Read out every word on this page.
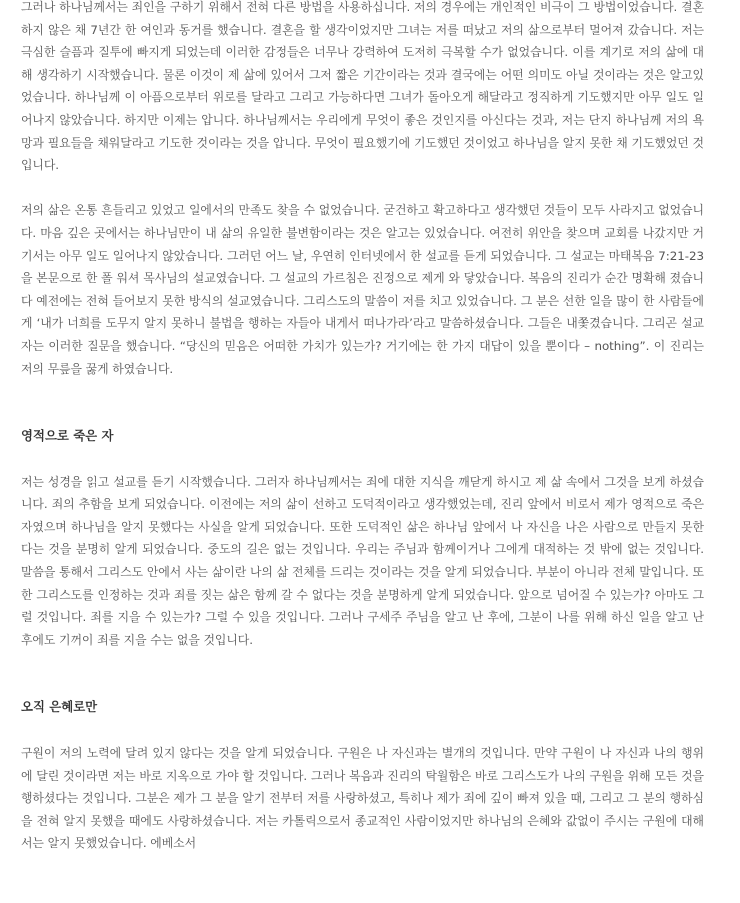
그러나 하나님께서는 죄인을 구하기 위해서 전혀 다른 방법을 사용하십니다. 저의 경우에는 개인적인 비극이 그 방법이었습니다. 결혼하지 않은 채 7년간 한 여인과 동거를 했습니다. 결혼을 할 생각이었지만 그녀는 저를 떠났고 저의 삶으로부터 멀어져 갔습니다. 저는 극심한 슬픔과 질투에 빠지게 되었는데 이러한 감정들은 너무나 강력하여 도저히 극복할 수가 없었습니다. 이를 계기로 저의 삶에 대해 생각하기 시작했습니다. 물론 이것이 제 삶에 있어서 그저 짧은 기간이라는 것과 결국에는 어떤 의미도 아닐 것이라는 것은 알고있었습니다. 하나님께 이 아픔으로부터 위로를 달라고 그리고 가능하다면 그녀가 돌아오게 해달라고 정직하게 기도했지만 아무 일도 일어나지 않았습니다. 하지만 이제는 압니다. 하나님께서는 우리에게 무엇이 좋은 것인지를 아신다는 것과, 저는 단지 하나님께 저의 욕망과 필요들을 채워달라고 기도한 것이라는 것을 압니다. 무엇이 필요했기에 기도했던 것이었고 하나님을 알지 못한 채 기도했었던 것입니다.

저의 삶은 온통 흔들리고 있었고 일에서의 만족도 찾을 수 없었습니다. 굳건하고 확고하다고 생각했던 것들이 모두 사라지고 없었습니다. 마음 깊은 곳에서는 하나님만이 내 삶의 유일한 불변함이라는 것은 알고는 있었습니다. 여전히 위안을 찾으며 교회를 나갔지만 거기서는 아무 일도 일어나지 않았습니다. 그러던 어느 날, 우연히 인터넷에서 한 설교를 듣게 되었습니다. 그 설교는 마태복음 7:21-23을 본문으로 한 폴 워셔 목사님의 설교였습니다. 그 설교의 가르침은 진정으로 제게 와 닿았습니다. 복음의 진리가 순간 명확해 졌습니다 예전에는 전혀 들어보지 못한 방식의 설교였습니다. 그리스도의 말씀이 저를 치고 있었습니다. 그 분은 선한 일을 많이 한 사람들에게 ‘내가 너희를 도무지 알지 못하니 불법을 행하는 자들아 내게서 떠나가라’라고 말씀하셨습니다. 그들은 내쫓겼습니다. 그리곤 설교자는 이러한 질문을 했습니다. “당신의 믿음은 어떠한 가치가 있는가? 거기에는 한 가지 대답이 있을 뿐이다 – nothing”. 이 진리는 저의 무릎을 꿇게 하였습니다.

영적으로 죽은 자

저는 성경을 읽고 설교를 듣기 시작했습니다. 그러자 하나님께서는 죄에 대한 지식을 깨닫게 하시고 제 삶 속에서 그것을 보게 하셨습니다. 죄의 추함을 보게 되었습니다. 이전에는 저의 삶이 선하고 도덕적이라고 생각했었는데, 진리 앞에서 비로서 제가 영적으로 죽은 자였으며 하나님을 알지 못했다는 사실을 알게 되었습니다. 또한 도덕적인 삶은 하나님 앞에서 나 자신을 나은 사람으로 만들지 못한다는 것을 분명히 알게 되었습니다. 중도의 길은 없는 것입니다. 우리는 주님과 함께이거나 그에게 대적하는 것 밖에 없는 것입니다. 말씀을 통해서 그리스도 안에서 사는 삶이란 나의 삶 전체를 드리는 것이라는 것을 알게 되었습니다. 부분이 아니라 전체 말입니다. 또한 그리스도를 인정하는 것과 죄를 짓는 삶은 함께 갈 수 없다는 것을 분명하게 알게 되었습니다. 앞으로 넘어질 수 있는가? 아마도 그럴 것입니다. 죄를 지을 수 있는가? 그럴 수 있을 것입니다. 그러나 구세주 주님을 알고 난 후에, 그분이 나를 위해 하신 일을 알고 난 후에도 기꺼이 죄를 지을 수는 없을 것입니다.

오직 은혜로만

구원이 저의 노력에 달려 있지 않다는 것을 알게 되었습니다. 구원은 나 자신과는 별개의 것입니다. 만약 구원이 나 자신과 나의 행위에 달린 것이라면 저는 바로 지옥으로 가야 할 것입니다. 그러나 복음과 진리의 탁월함은 바로 그리스도가 나의 구원을 위해 모든 것을 행하셨다는 것입니다. 그분은 제가 그 분을 알기 전부터 저를 사랑하셨고, 특히나 제가 죄에 깊이 빠져 있을 때, 그리고 그 분의 행하심을 전혀 알지 못했을 때에도 사랑하셨습니다. 저는 카톨릭으로서 종교적인 사람이었지만 하나님의 은혜와 값없이 주시는 구원에 대해서는 알지 못했었습니다. 에베소서
